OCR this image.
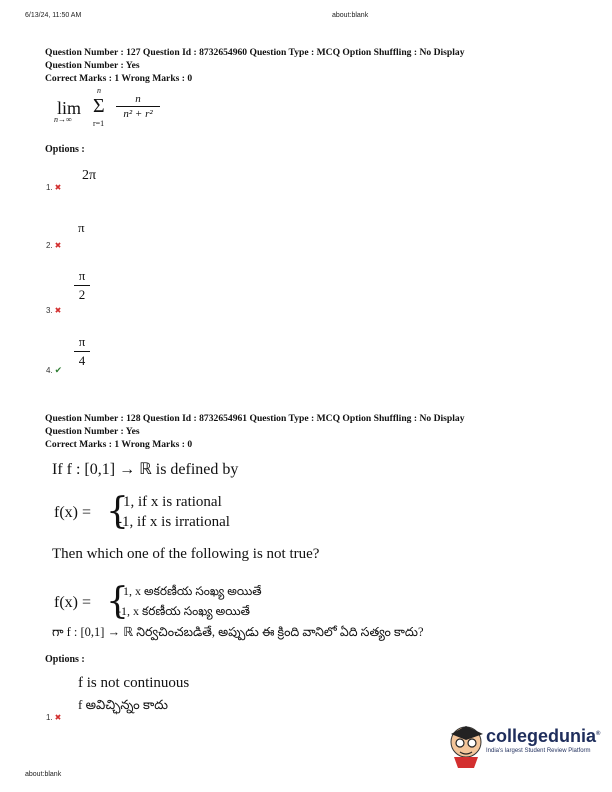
6/13/24, 11:50 AM	about:blank
about:blank
Question Number : 127 Question Id : 8732654960 Question Type : MCQ Option Shuffling : No Display
Question Number : Yes
Correct Marks : 1 Wrong Marks : 0
lim
n→∞
n
Σ
r=1
n
n² + r²
Options :
2π
1. ✖
π
2. ✖
π
2
3. ✖
π
4
4. ✔
Question Number : 128 Question Id : 8732654961 Question Type : MCQ Option Shuffling : No Display
Question Number : Yes
Correct Marks : 1 Wrong Marks : 0
If f : [0,1] → ℝ is defined by
f(x) = {
1, if x is rational
-1, if x is irrational
Then which one of the following is not true?
f(x) = {
1, x అకరణీయ సంఖ్య అయితే
-1, x కరణీయ సంఖ్య అయితే
గా f : [0,1] → ℝ నిర్వచించబడితే, అప్పుడు ఈ క్రింది వానిలో ఏది సత్యం కాదు?
Options :
f is not continuous
f అవిచ్ఛిన్నం కాదు
1. ✖
collegedunia®
India's largest Student Review Platform
